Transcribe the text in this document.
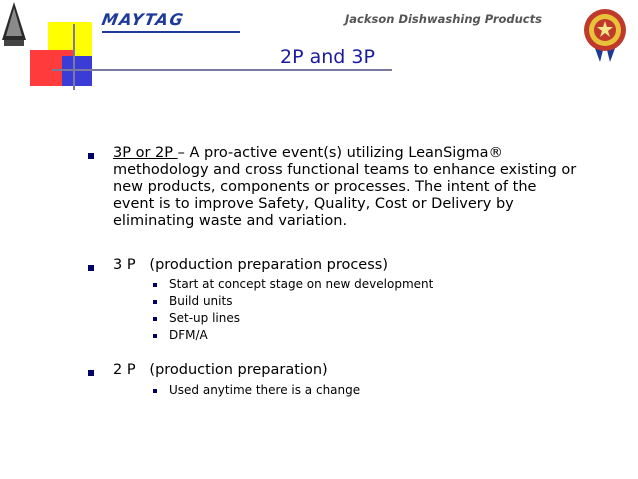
MAYTAG	Jackson Dishwashing Products
2P and 3P
3P or 2P – A pro-active event(s) utilizing LeanSigma®
methodology and cross functional teams to enhance existing or
new products, components or processes. The intent of the
event is to improve Safety, Quality, Cost or Delivery by
eliminating waste and variation.
3 P   (production preparation process)
Start at concept stage on new development
Build units
Set-up lines
DFM/A
2 P   (production preparation)
Used anytime there is a change
